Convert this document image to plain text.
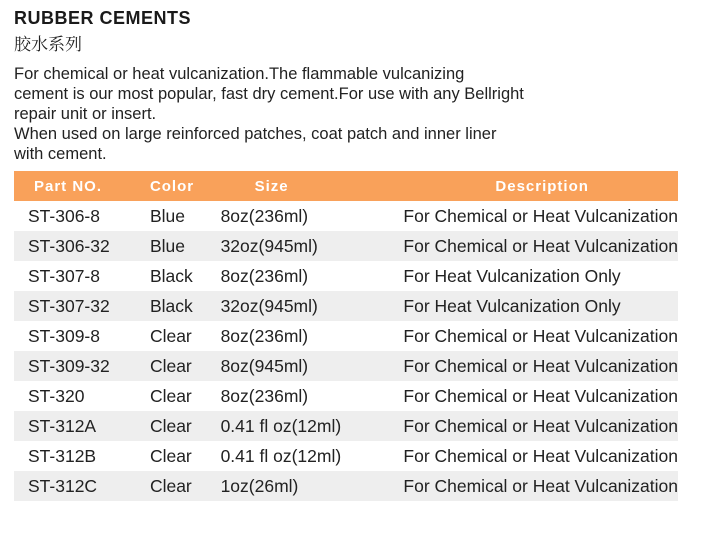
RUBBER CEMENTS
胶水系列

For chemical or heat vulcanization.The flammable vulcanizing

cement is our most popular, fast dry cement.For use with any Bellright

repair unit or insert.

When used on large reinforced patches, coat patch and inner liner

with cement.

Part NO.	Color	Size	Description
ST-306-8	Blue	8oz(236ml)	For Chemical or Heat Vulcanization
ST-306-32	Blue	32oz(945ml)	For Chemical or Heat Vulcanization
ST-307-8	Black	8oz(236ml)	For Heat Vulcanization Only
ST-307-32	Black	32oz(945ml)	For Heat Vulcanization Only
ST-309-8	Clear	8oz(236ml)	For Chemical or Heat Vulcanization
ST-309-32	Clear	8oz(945ml)	For Chemical or Heat Vulcanization
ST-320	Clear	8oz(236ml)	For Chemical or Heat Vulcanization
ST-312A	Clear	0.41 fl oz(12ml)	For Chemical or Heat Vulcanization
ST-312B	Clear	0.41 fl oz(12ml)	For Chemical or Heat Vulcanization
ST-312C	Clear	1oz(26ml)	For Chemical or Heat Vulcanization
